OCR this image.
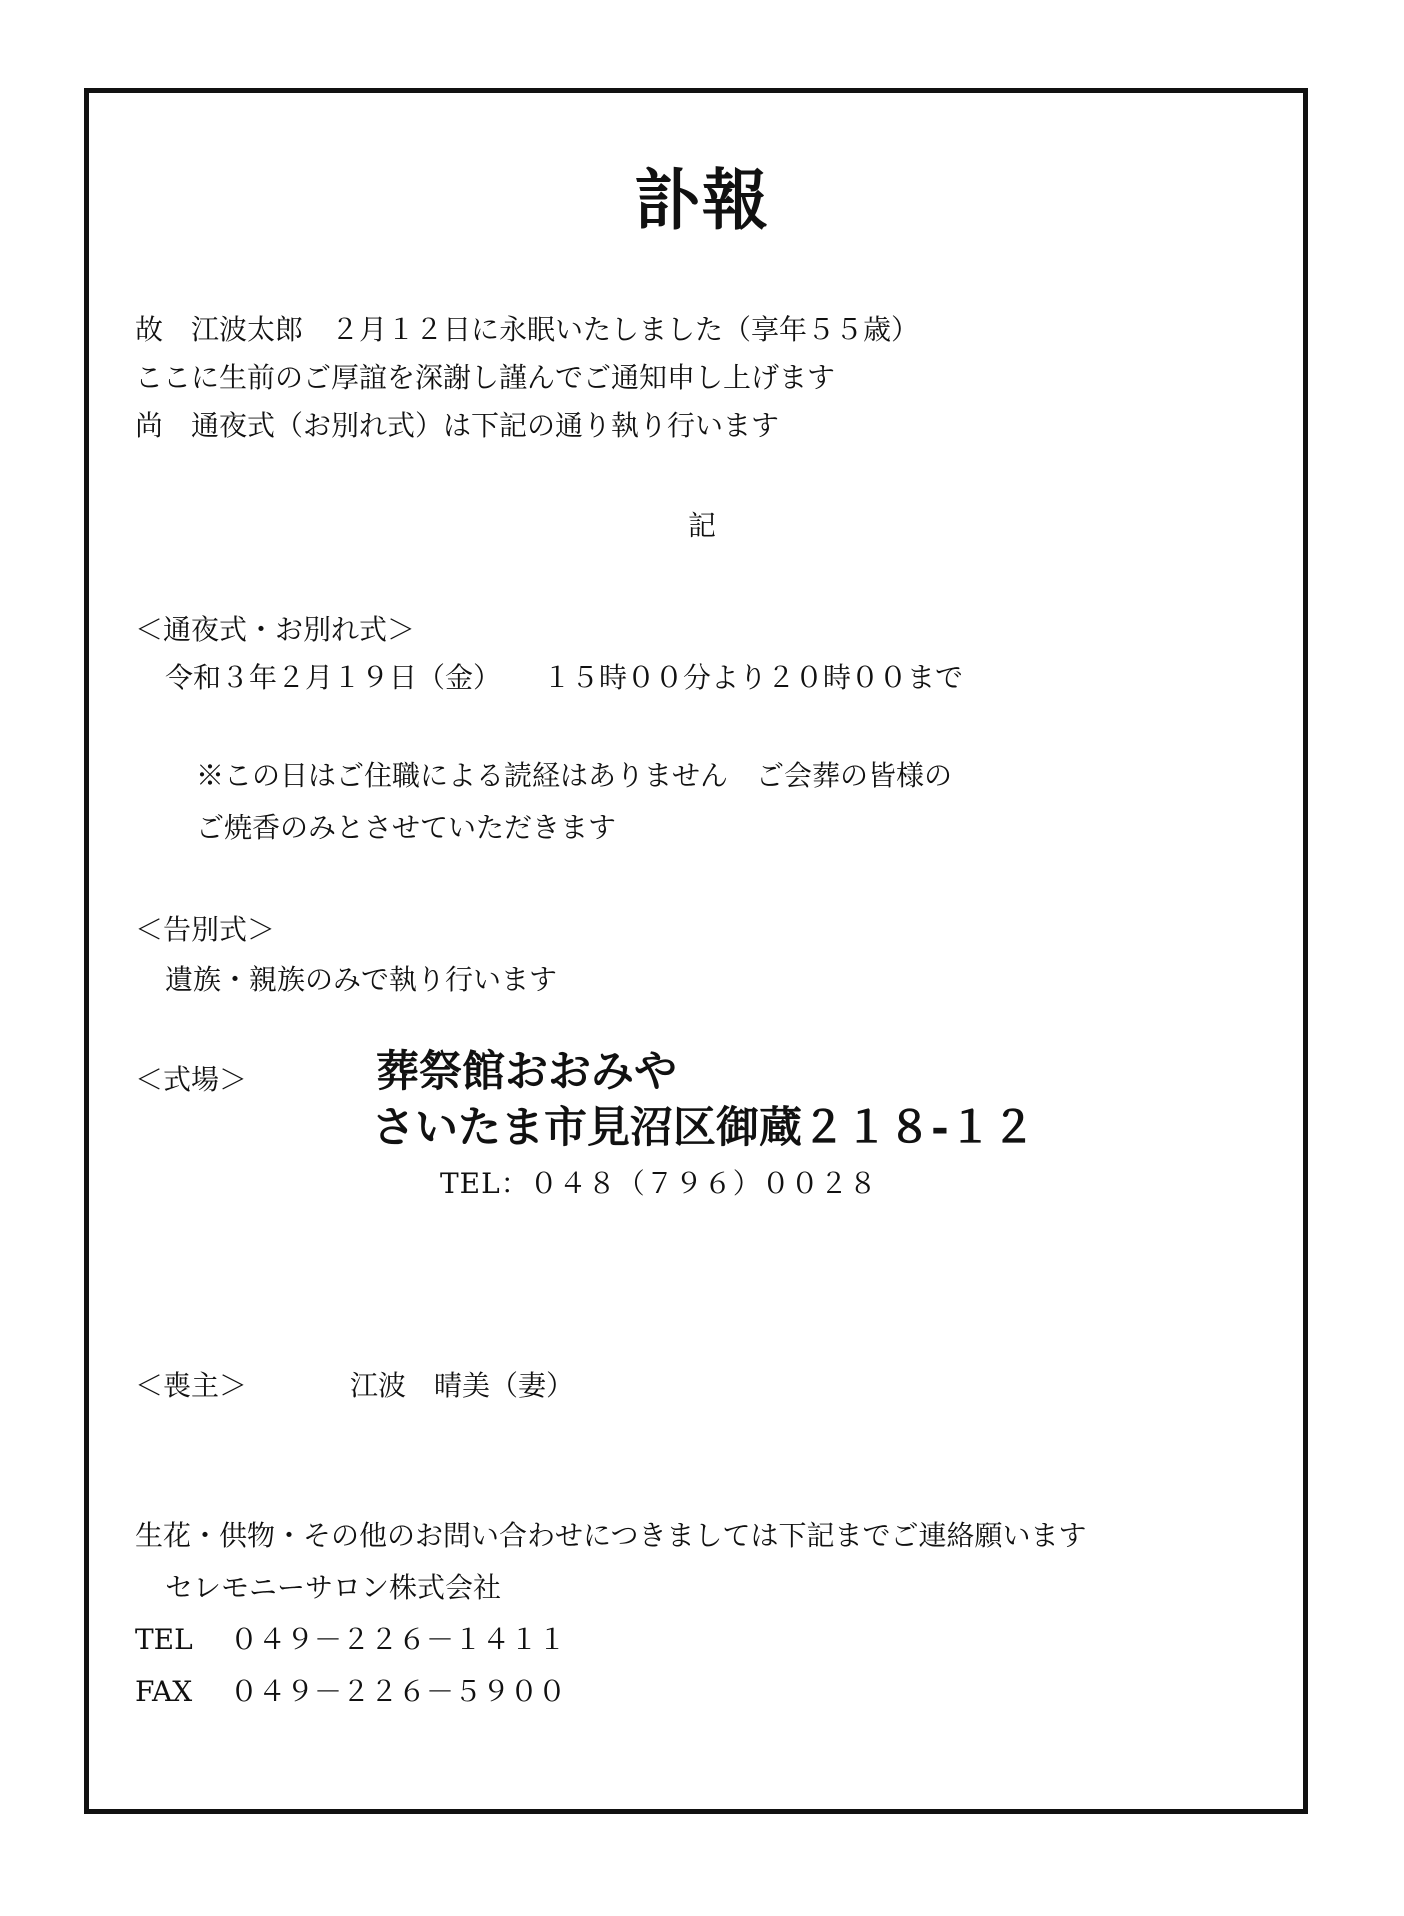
訃報
故　江波太郎　２月１２日に永眠いたしました（享年５５歳）
ここに生前のご厚誼を深謝し謹んでご通知申し上げます
尚　通夜式（お別れ式）は下記の通り執り行います
記
＜通夜式・お別れ式＞
令和３年２月１９日（金）　　１５時００分より２０時００まで
※この日はご住職による読経はありません　ご会葬の皆様の
ご焼香のみとさせていただきます
＜告別式＞
遺族・親族のみで執り行います
＜式場＞	葬祭館おおみや
さいたま市見沼区御蔵２１８-１２
TEL：０４８（７９６）００２８
＜喪主＞	江波　晴美（妻）
生花・供物・その他のお問い合わせにつきましては下記までご連絡願います
セレモニーサロン株式会社
TEL ０４９－２２６－１４１１
FAX ０４９－２２６－５９００
